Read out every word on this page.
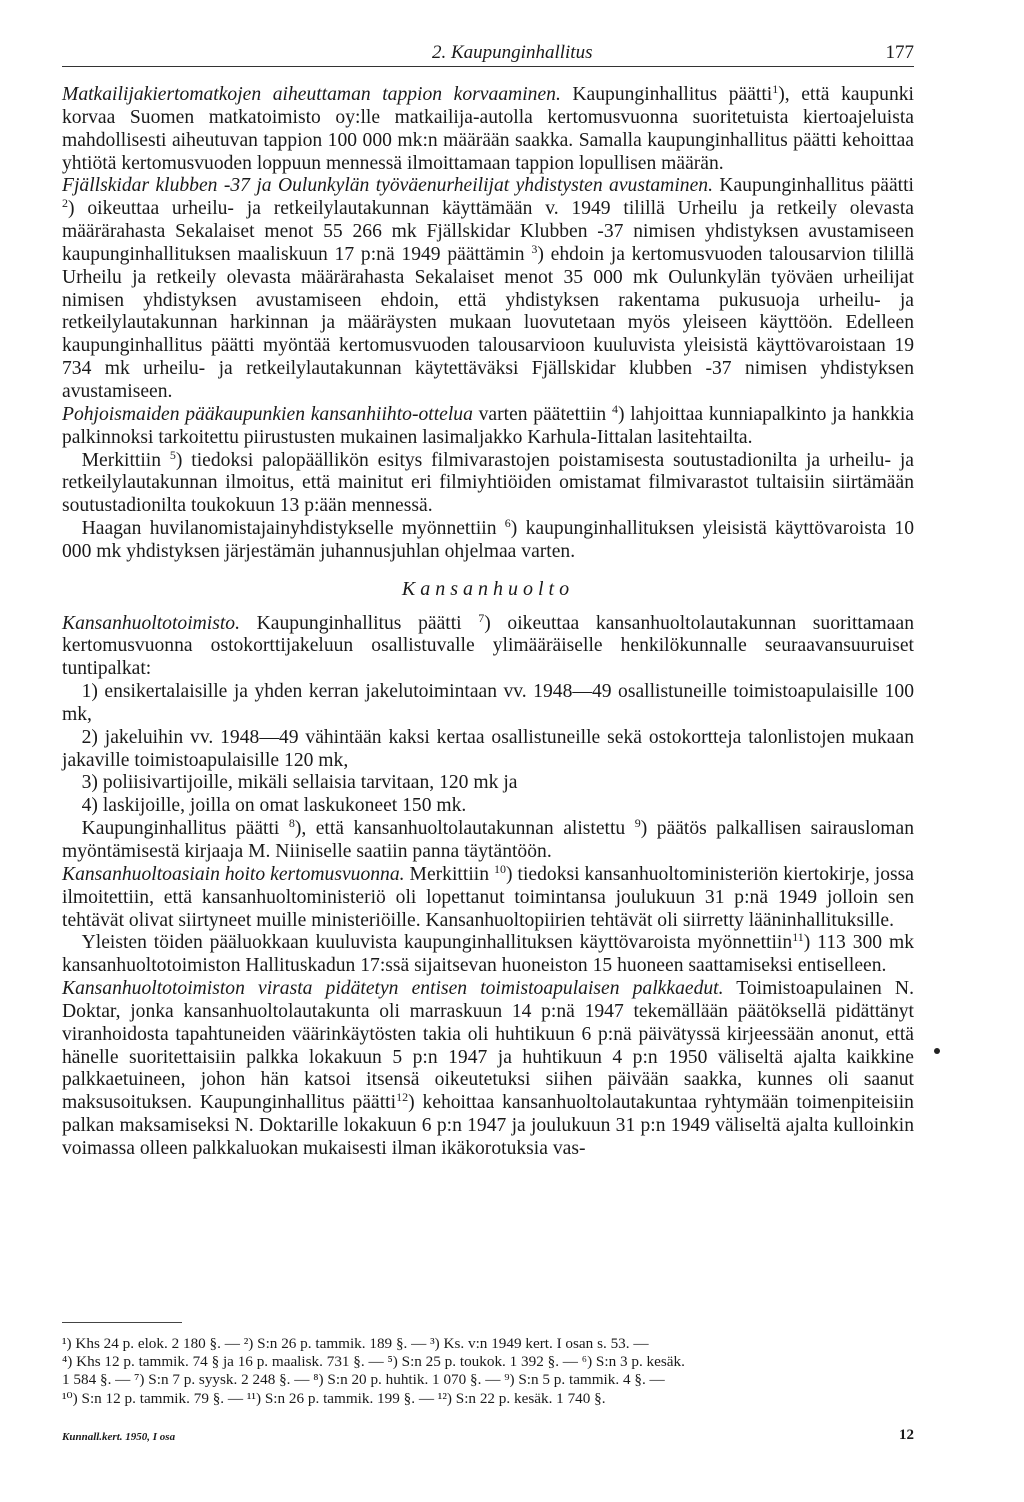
2. Kaupunginhallitus	177

Matkailijakiertomatkojen aiheuttaman tappion korvaaminen. Kaupunginhallitus päätti$^1$), että kaupunki korvaa Suomen matkatoimisto oy:lle matkailija-autolla kertomusvuonna suoritetuista kiertoajeluista mahdollisesti aiheutuvan tappion 100 000 mk:n määrään saakka. Samalla kaupunginhallitus päätti kehoittaa yhtiötä kertomusvuoden loppuun mennessä ilmoittamaan tappion lopullisen määrän.

Fjällskidar klubben -37 ja Oulunkylän työväenurheilijat yhdistysten avustaminen. Kaupunginhallitus päätti $^2$) oikeuttaa urheilu- ja retkeilylautakunnan käyttämään v. 1949 tilillä Urheilu ja retkeily olevasta määrärahasta Sekalaiset menot 55 266 mk Fjällskidar Klubben -37 nimisen yhdistyksen avustamiseen kaupunginhallituksen maaliskuun 17 p:nä 1949 päättämin $^3$) ehdoin ja kertomusvuoden talousarvion tilillä Urheilu ja retkeily olevasta määrärahasta Sekalaiset menot 35 000 mk Oulunkylän työväen urheilijat nimisen yhdistyksen avustamiseen ehdoin, että yhdistyksen rakentama pukusuoja urheilu- ja retkeilylautakunnan harkinnan ja määräysten mukaan luovutetaan myös yleiseen käyttöön. Edelleen kaupunginhallitus päätti myöntää kertomusvuoden talousarvioon kuuluvista yleisistä käyttövaroistaan 19 734 mk urheilu- ja retkeilylautakunnan käytettäväksi Fjällskidar klubben -37 nimisen yhdistyksen avustamiseen.

Pohjoismaiden pääkaupunkien kansanhiihto-ottelua varten päätettiin $^4$) lahjoittaa kunniapalkinto ja hankkia palkinnoksi tarkoitettu piirustusten mukainen lasimaljakko Karhula-Iittalan lasitehtailta.

 Merkittiin $^5$) tiedoksi palopäällikön esitys filmivarastojen poistamisesta soutustadionilta ja urheilu- ja retkeilylautakunnan ilmoitus, että mainitut eri filmiyhtiöiden omistamat filmivarastot tultaisiin siirtämään soutustadionilta toukokuun 13 p:ään mennessä.

 Haagan huvilanomistajainyhdistykselle myönnettiin $^6$) kaupunginhallituksen yleisistä käyttövaroista 10 000 mk yhdistyksen järjestämän juhannusjuhlan ohjelmaa varten.

Kansanhuolto

Kansanhuoltotoimisto. Kaupunginhallitus päätti $^7$) oikeuttaa kansanhuoltolautakunnan suorittamaan kertomusvuonna ostokorttijakeluun osallistuvalle ylimääräiselle henkilökunnalle seuraavansuuruiset tuntipalkat:

 1) ensikertalaisille ja yhden kerran jakelutoimintaan vv. 1948—49 osallistuneille toimistoapulaisille 100 mk,

 2) jakeluihin vv. 1948—49 vähintään kaksi kertaa osallistuneille sekä ostokortteja talonlistojen mukaan jakaville toimistoapulaisille 120 mk,

 3) poliisivartijoille, mikäli sellaisia tarvitaan, 120 mk ja

 4) laskijoille, joilla on omat laskukoneet 150 mk.

 Kaupunginhallitus päätti $^8$), että kansanhuoltolautakunnan alistettu $^9$) päätös palkallisen sairausloman myöntämisestä kirjaaja M. Niiniselle saatiin panna täytäntöön.

Kansanhuoltoasiain hoito kertomusvuonna. Merkittiin $^{10}$) tiedoksi kansanhuoltoministeriön kiertokirje, jossa ilmoitettiin, että kansanhuoltoministeriö oli lopettanut toimintansa joulukuun 31 p:nä 1949 jolloin sen tehtävät olivat siirtyneet muille ministeriöille. Kansanhuoltopiirien tehtävät oli siirretty lääninhallituksille.

 Yleisten töiden pääluokkaan kuuluvista kaupunginhallituksen käyttövaroista myönnettiin$^{11}$) 113 300 mk kansanhuoltotoimiston Hallituskadun 17:ssä sijaitsevan huoneiston 15 huoneen saattamiseksi entiselleen.

Kansanhuoltotoimiston virasta pidätetyn entisen toimistoapulaisen palkkaedut. Toimistoapulainen N. Doktar, jonka kansanhuoltolautakunta oli marraskuun 14 p:nä 1947 tekemällään päätöksellä pidättänyt viranhoidosta tapahtuneiden väärinkäytösten takia oli huhtikuun 6 p:nä päivätyssä kirjeessään anonut, että hänelle suoritettaisiin palkka lokakuun 5 p:n 1947 ja huhtikuun 4 p:n 1950 väliseltä ajalta kaikkine palkkaetuineen, johon hän katsoi itsensä oikeutetuksi siihen päivään saakka, kunnes oli saanut maksusoituksen. Kaupunginhallitus päätti$^{12}$) kehoittaa kansanhuoltolautakuntaa ryhtymään toimenpiteisiin palkan maksamiseksi N. Doktarille lokakuun 6 p:n 1947 ja joulukuun 31 p:n 1949 väliseltä ajalta kulloinkin voimassa olleen palkkaluokan mukaisesti ilman ikäkorotuksia vas-

¹) Khs 24 p. elok. 2 180 §. — ²) S:n 26 p. tammik. 189 §. — ³) Ks. v:n 1949 kert. I osan s. 53. —

⁴) Khs 12 p. tammik. 74 § ja 16 p. maalisk. 731 §. — ⁵) S:n 25 p. toukok. 1 392 §. — ⁶) S:n 3 p. kesäk.

1 584 §. — ⁷) S:n 7 p. syysk. 2 248 §. — ⁸) S:n 20 p. huhtik. 1 070 §. — ⁹) S:n 5 p. tammik. 4 §. —

¹⁰) S:n 12 p. tammik. 79 §. — ¹¹) S:n 26 p. tammik. 199 §. — ¹²) S:n 22 p. kesäk. 1 740 §.

Kunnall.kert. 1950, I osa	12
